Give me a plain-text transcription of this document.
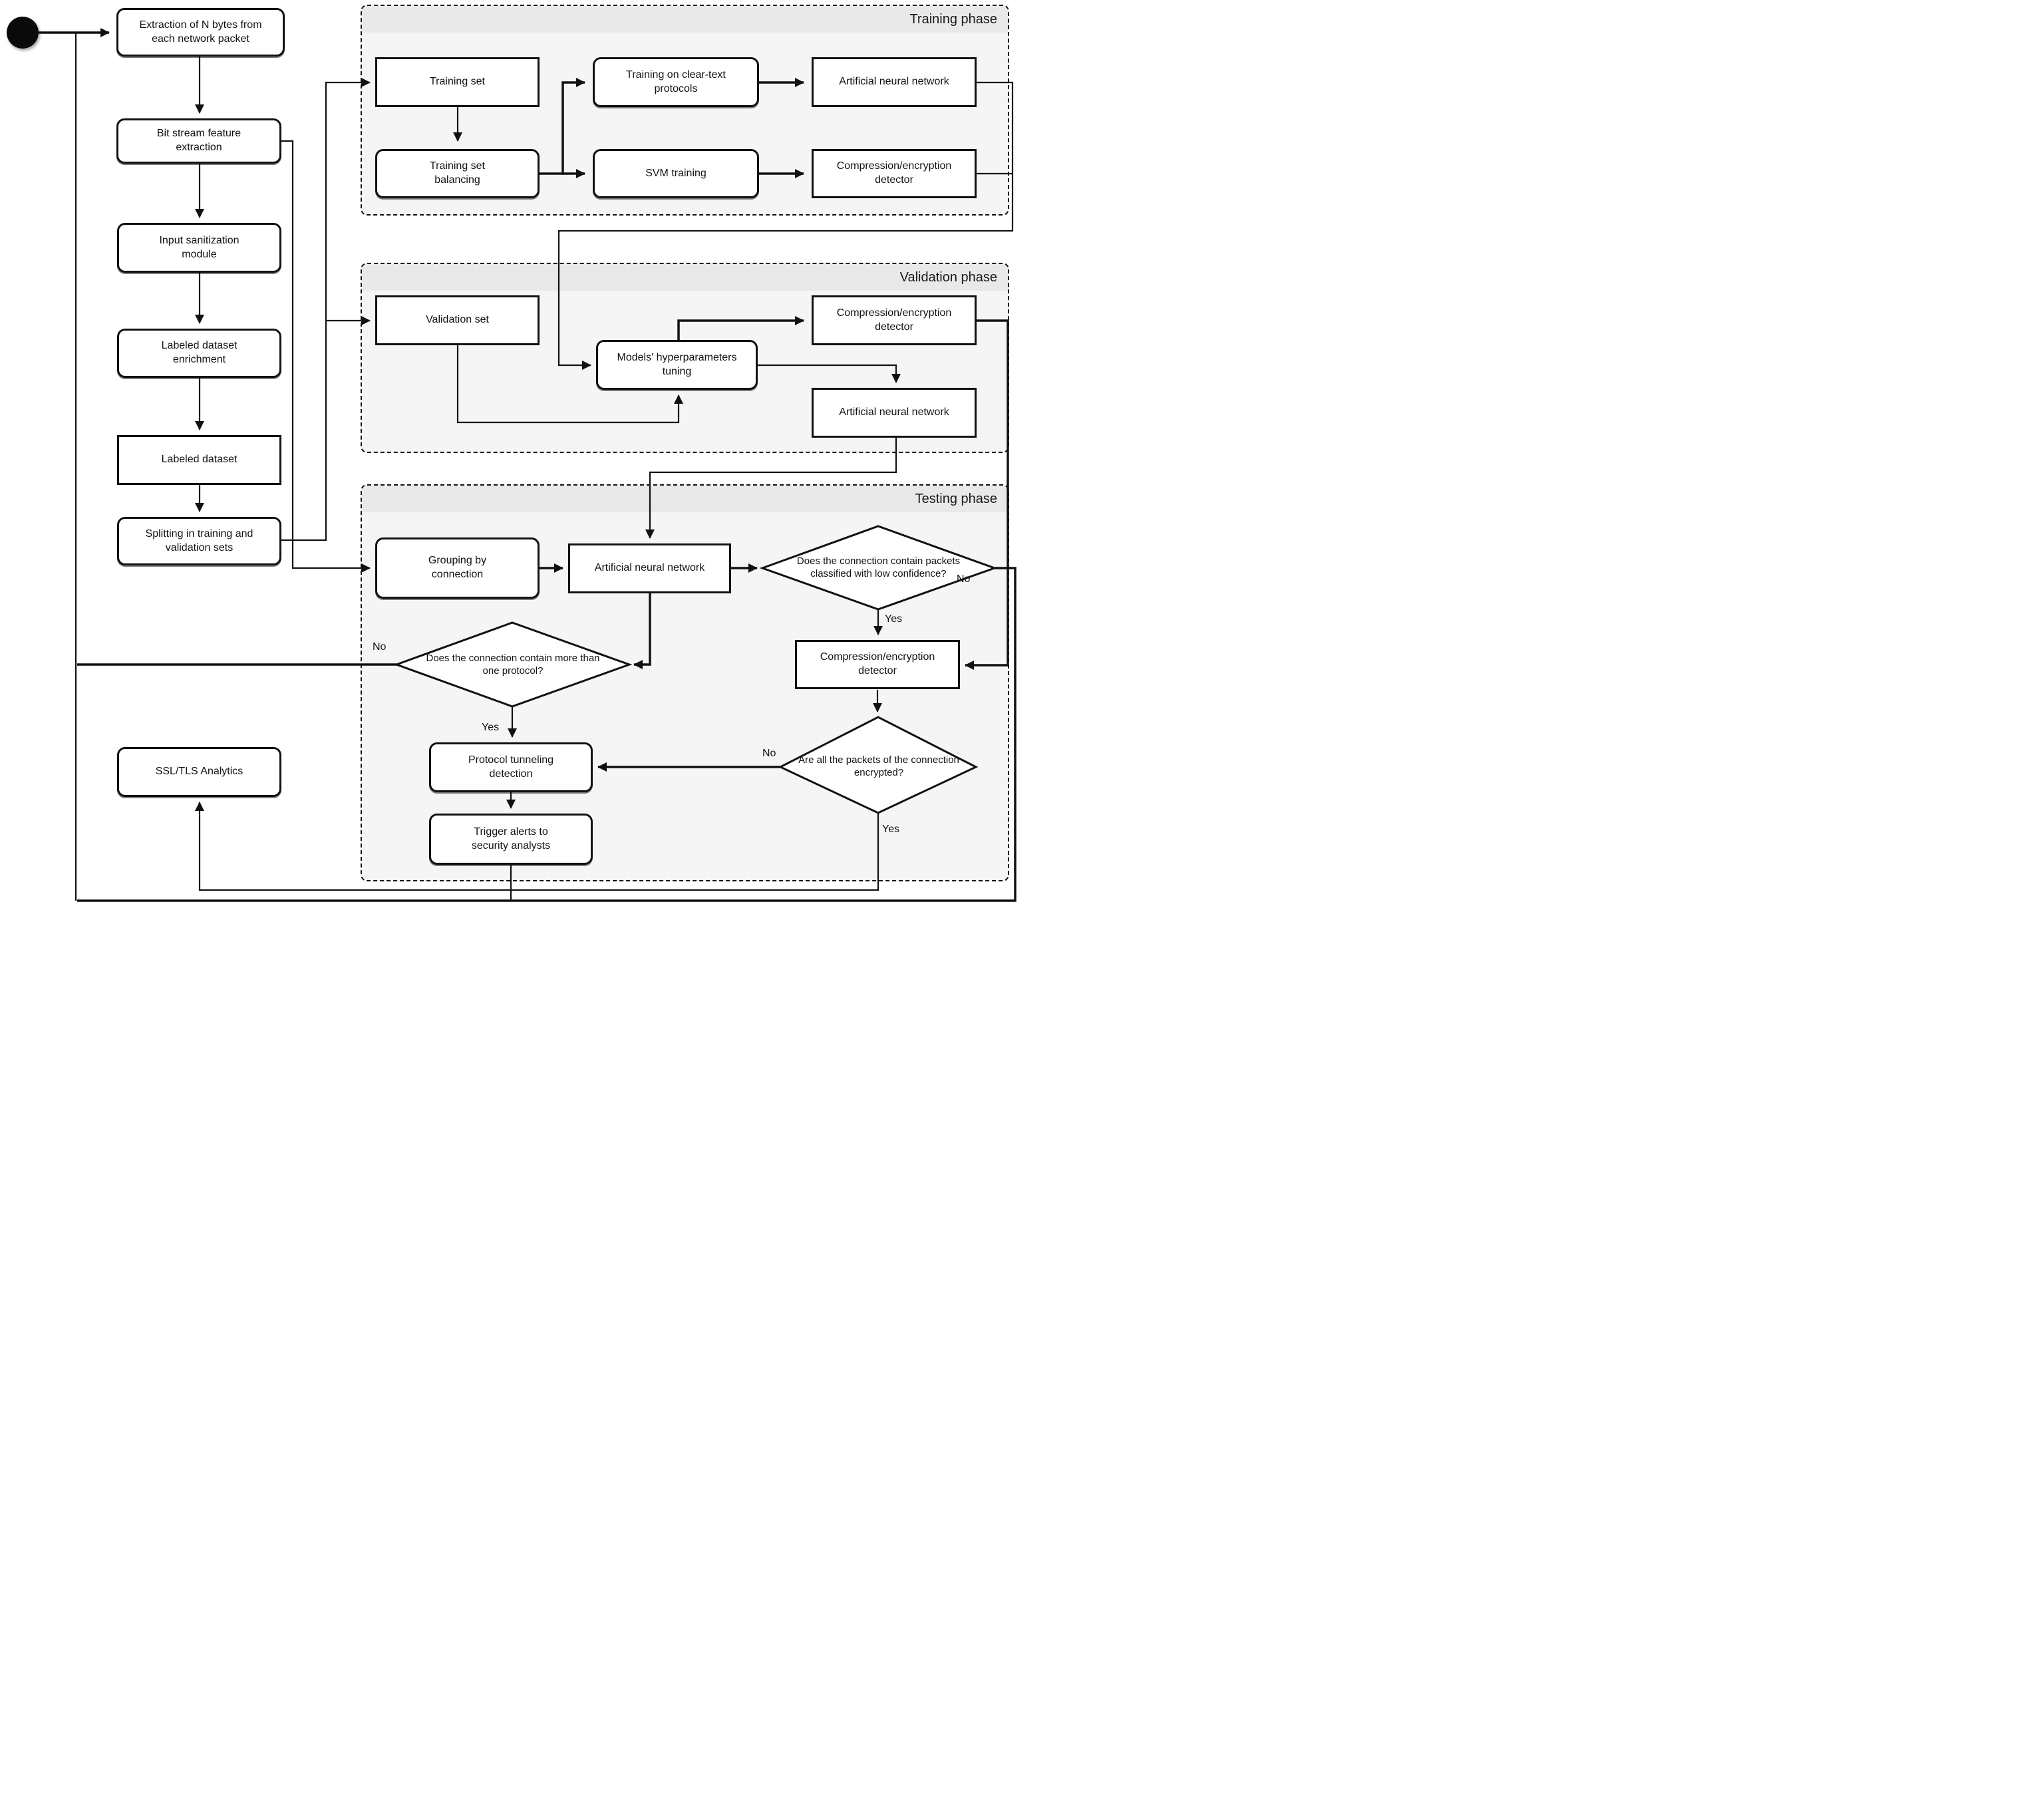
Training phase
Validation phase
Testing phase
Extraction of N bytes from each network packet
Bit stream feature extraction
Input sanitization module
Labeled dataset enrichment
Labeled dataset
Splitting in training and validation sets
SSL/TLS Analytics
Training set
Training set balancing
Training on clear-text protocols
SVM training
Artificial neural network
Compression/encryption detector
Validation set
Models' hyperparameters tuning
Compression/encryption detector
Artificial neural network
Grouping by connection
Artificial neural network
Compression/encryption detector
Protocol tunneling detection
Trigger alerts to security analysts
Does the connection contain packets classified with low confidence?
Does the connection contain more than one protocol?
Are all the packets of the connection encrypted?
No
Yes
No
Yes
No
Yes
